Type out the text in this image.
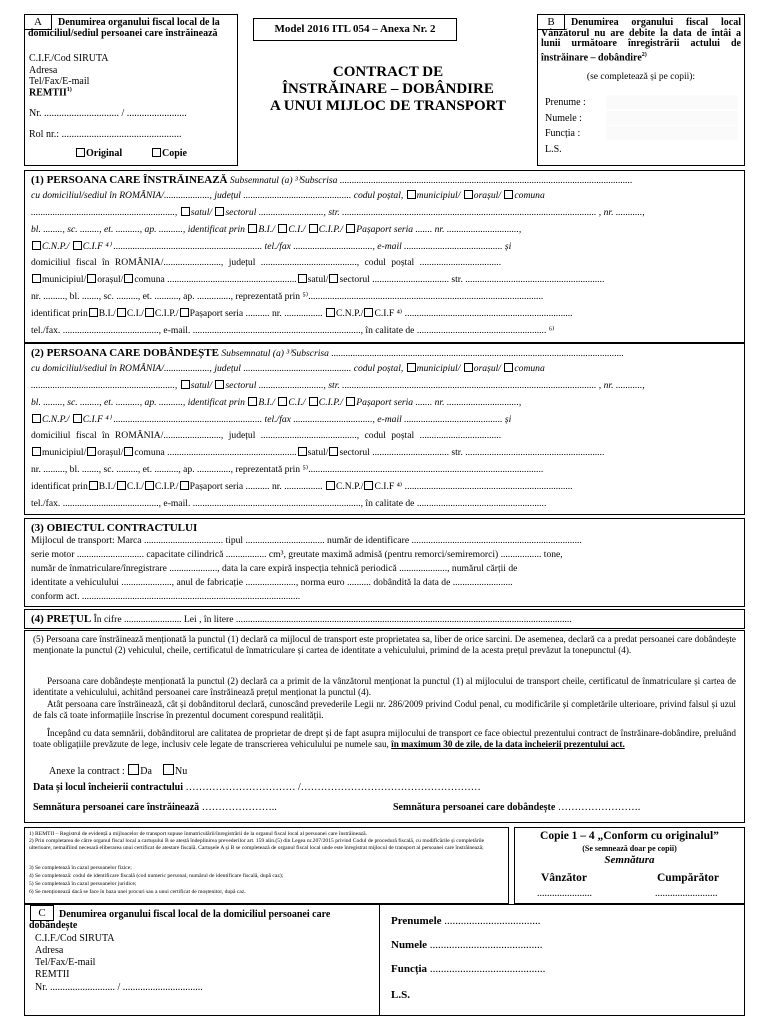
A	Denumirea organului fiscal local de la domiciliul/sediul persoanei care înstrăinează
C.I.F./Cod SIRUTA
Adresa
Tel/Fax/E-mail
REMTII$^{1)}$
Nr. .............................. / ........................
Rol nr.: ................................................
Original	Copie
Model 2016 ITL 054 – Anexa Nr. 2
CONTRACT DE
ÎNSTRĂINARE – DOBÂNDIRE
A UNUI MIJLOC DE TRANSPORT
B	Denumirea organului fiscal local Vânzătorul nu are debite la data de întâi a lunii următoare înregistrării actului de înstrăinare – dobândire$^{2)}$
(se completează și pe copii):
Prenume :
Numele :
Funcția :
L.S.
(1) PERSOANA CARE ÎNSTRĂINEAZĂ Subsemnatul (a) ³⁾Subscrisa ..........................................................................................................................
cu domiciliul/sediul în ROMÂNIA/..................., județul ............................................. codul poștal, municipiul/ orașul/ comuna
............................................................, satul/ sectorul ..........................., str. .......................................................................................................... , nr. ...........,
bl. ........, sc. ........, et. .........., ap. .........., identificat prin B.I./ C.I./ C.I.P./ Pașaport seria ....... nr. ..............................,
C.N.P./ C.I.F ⁴⁾ .............................................................. tel./fax ................................., e-mail ......................................... și
domiciliul fiscal în ROMÂNIA/........................, județul ........................................, codul poștal ..................................
municipiul/ orașul/ comuna ...................................................... satul/ sectorul ................................ str. ..........................................................
nr. ........., bl. ......., sc. ........., et. .........., ap. .............., reprezentată prin ⁵⁾..................................................................................................
identificat prin B.I./ C.I./ C.I.P./ Pașaport seria .......... nr. ................ C.N.P./ C.I.F ⁴⁾ ......................................................................
tel./fax. ........................................, e-mail. ......................................................................, în calitate de ...................................................... ⁶⁾
(2) PERSOANA CARE DOBÂNDEȘTE Subsemnatul (a) ³⁾Subscrisa ..........................................................................................................................
cu domiciliul/sediul în ROMÂNIA/..................., județul ............................................. codul poștal, municipiul/ orașul/ comuna
............................................................, satul/ sectorul ..........................., str. .......................................................................................................... , nr. ...........,
bl. ........, sc. ........, et. .........., ap. .........., identificat prin B.I./ C.I./ C.I.P./ Pașaport seria ....... nr. ..............................,
C.N.P./ C.I.F ⁴⁾ .............................................................. tel./fax ................................., e-mail ......................................... și
domiciliul fiscal în ROMÂNIA/........................, județul ........................................, codul poștal ..................................
municipiul/ orașul/ comuna ...................................................... satul/ sectorul ................................ str. ..........................................................
nr. ........., bl. ......., sc. ........., et. .........., ap. .............., reprezentată prin ⁵⁾..................................................................................................
identificat prin B.I./ C.I./ C.I.P./ Pașaport seria .......... nr. ................ C.N.P./ C.I.F ⁴⁾ ......................................................................
tel./fax. ........................................, e-mail. ......................................................................, în calitate de ......................................................
(3) OBIECTUL CONTRACTULUI
Mijlocul de transport: Marca ................................. tipul ................................. număr de identificare .......................................................................
serie motor ............................ capacitate cilindrică ................. cm³, greutate maximă admisă (pentru remorci/semiremorci) ................. tone,
număr de înmatriculare/înregistrare ...................., data la care expiră inspecția tehnică periodică ...................., numărul cărții de
identitate a vehiculului ....................., anul de fabricație ....................., norma euro .......... dobândită la data de .........................
conform act. ...........................................................................................
(4) PREȚUL În cifre ........................ Lei , în litere ............................................................................................................................................
(5) Persoana care înstrăinează menționată la punctul (1) declară ca mijlocul de transport este proprietatea sa, liber de orice sarcini. De asemenea, declară ca a predat persoanei care dobândește menționate la punctul (2) vehiculul, cheile, certificatul de înmatriculare și cartea de identitate a vehiculului, primind de la acesta prețul prevăzut la tonepunctul (4).
Persoana care dobândește menționată la punctul (2) declară ca a primit de la vânzătorul menționat la punctul (1) al mijlocului de transport cheile, certificatul de înmatriculare și cartea de identitate a vehiculului, achitând persoanei care înstrăinează prețul menționat la punctul (4).
Atât persoana care înstrăinează, cât și dobânditorul declară, cunoscând prevederile Legii nr. 286/2009 privind Codul penal, cu modificările și completările ulterioare, privind falsul și uzul de fals că toate informațiile înscrise în prezentul document corespund realității.
Începând cu data semnării, dobânditorul are calitatea de proprietar de drept și de fapt asupra mijlocului de transport ce face obiectul prezentului contract de înstrăinare-dobândire, preluând toate obligațiile prevăzute de lege, inclusiv cele legate de transcrierea vehiculului pe numele sau, în maximum 30 de zile, de la data încheierii prezentului act.
Anexe la contract : Da Nu
Data și locul încheierii contractului …………………………… /………………………………………………
Semnătura persoanei care înstrăinează …………………..	Semnătura persoanei care dobândește …………………….
1) REMTII – Registrul de evidență a mijloacelor de transport supuse înmatriculării/înregistrării de la organul fiscal local al persoanei care înstrăinează.
2) Prin completarea de către organul fiscal local a cartușului B se atestă îndeplinirea prevederilor art. 159 alin.(5) din Legea nr.207/2015 privind Codul de procedură fiscală, cu modificările și completările ulterioare, nemaifiind necesară eliberarea unui certificat de atestare fiscală. Cartușele A și B se completează de organul fiscal local unde este înregistrat mijlocul de transport al persoanei care înstrăinează;
3) Se completează în cazul persoanelor fizice;
4) Se completează: codul de identificare fiscală (cod numeric personal, numărul de identificare fiscală, după caz);
5) Se completează în cazul persoanelor juridice;
6) Se menționează dacă se face în baza unei procuri sau a unui certificat de moștenitor, după caz.
Copie 1 – 4 „Conform cu originalul”
(Se semnează doar pe copii)
Semnătura
Vânzător	Cumpărător
......................	.........................
C	Denumirea organului fiscal local de la domiciliul persoanei care dobândește
C.I.F./Cod SIRUTA
Adresa
Tel/Fax/E-mail
REMTII
Nr. .......................... / ................................
Prenumele ...................................
Numele .........................................
Funcția ..........................................
L.S.
